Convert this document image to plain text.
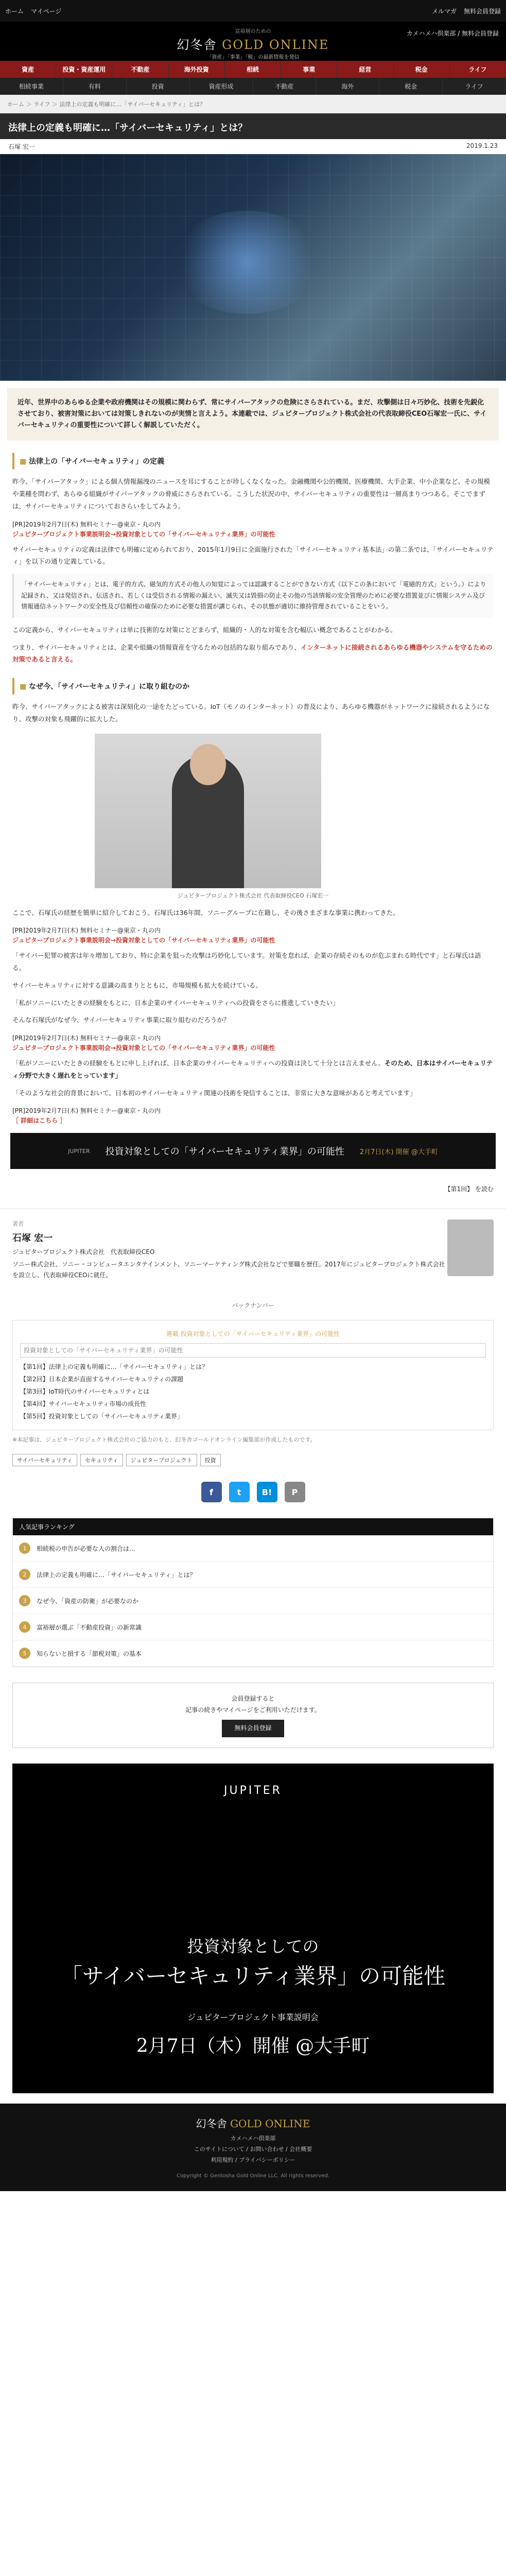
ホーム マイページ	メルマガ 無料会員登録
富裕層のための
幻冬舎 GOLD ONLINE
「資産」「事業」「税」の最新情報を発信
カメハメハ倶楽部 / 無料会員登録
資産	投資・資産運用	不動産	海外投資	相続	事業	経営	税金	ライフ
相続事業	有料	投資	資産形成	不動産	海外	税金	ライフ
ホーム ＞ ライフ ＞ 法律上の定義も明確に…「サイバーセキュリティ」とは？
法律上の定義も明確に…「サイバーセキュリティ」とは？
石塚 宏一	2019.1.23
近年、世界中のあらゆる企業や政府機関はその規模に関わらず、常にサイバーアタックの危険にさらされている。まだ、攻撃側は日々巧妙化、技術を先鋭化させており、被害対策においては対策しきれないのが実情と言えよう。本連載では、ジュピタープロジェクト株式会社の代表取締役CEO石塚宏一氏に、サイバーセキュリティの重要性について詳しく解説していただく。
■ 法律上の「サイバーセキュリティ」の定義

昨今、「サイバーアタック」による個人情報漏洩のニュースを耳にすることが珍しくなくなった。金融機関や公的機関、医療機関、大手企業、中小企業など、その規模や業種を問わず、あらゆる組織がサイバーアタックの脅威にさらされている。こうした状況の中、サイバーセキュリティの重要性は一層高まりつつある。そこでまずは、サイバーセキュリティについておさらいをしてみよう。

[PR]2019年2月7日(木) 無料セミナー@東京・丸の内

ジュピタープロジェクト事業説明会→投資対象としての「サイバーセキュリティ業界」の可能性

サイバーセキュリティの定義は法律でも明確に定められており、2015年1月9日に全面施行された「サイバーセキュリティ基本法」の第二条では、「サイバーセキュリティ」を以下の通り定義している。

「サイバーセキュリティ」とは、電子的方式、磁気的方式その他人の知覚によっては認識することができない方式（以下この条において「電磁的方式」という。）により記録され、又は発信され、伝送され、若しくは受信される情報の漏えい、滅失又は毀損の防止その他の当該情報の安全管理のために必要な措置並びに情報システム及び情報通信ネットワークの安全性及び信頼性の確保のために必要な措置が講じられ、その状態が適切に維持管理されていることをいう。

この定義から、サイバーセキュリティは単に技術的な対策にとどまらず、組織的・人的な対策を含む幅広い概念であることがわかる。

つまり、サイバーセキュリティとは、企業や組織の情報資産を守るための包括的な取り組みであり、インターネットに接続されるあらゆる機器やシステムを守るための対策であると言える。

■ なぜ今、「サイバーセキュリティ」に取り組むのか

昨今、サイバーアタックによる被害は深刻化の一途をたどっている。IoT（モノのインターネット）の普及により、あらゆる機器がネットワークに接続されるようになり、攻撃の対象も飛躍的に拡大した。

ジュピタープロジェクト株式会社 代表取締役CEO 石塚宏一

ここで、石塚氏の経歴を簡単に紹介しておこう。石塚氏は36年間、ソニーグループに在籍し、その後さまざまな事業に携わってきた。

[PR]2019年2月7日(木) 無料セミナー@東京・丸の内

ジュピタープロジェクト事業説明会→投資対象としての「サイバーセキュリティ業界」の可能性

「サイバー犯罪の被害は年々増加しており、特に企業を狙った攻撃は巧妙化しています。対策を怠れば、企業の存続そのものが危ぶまれる時代です」と石塚氏は語る。

サイバーセキュリティに対する意識の高まりとともに、市場規模も拡大を続けている。

「私がソニーにいたときの経験をもとに、日本企業のサイバーセキュリティへの投資をさらに推進していきたい」

そんな石塚氏がなぜ今、サイバーセキュリティ事業に取り組むのだろうか？

[PR]2019年2月7日(木) 無料セミナー@東京・丸の内

ジュピタープロジェクト事業説明会→投資対象としての「サイバーセキュリティ業界」の可能性

「私がソニーにいたときの経験をもとに申し上げれば、日本企業のサイバーセキュリティへの投資は決して十分とは言えません。そのため、日本はサイバーセキュリティ分野で大きく遅れをとっています」

「そのような社会的背景において、日本初のサイバーセキュリティ関連の技術を発信することは、非常に大きな意味があると考えています」

[PR]2019年2月7日(木) 無料セミナー@東京・丸の内

［ 詳細はこちら ］

JUPITER 投資対象としての「サイバーセキュリティ業界」の可能性 2月7日(木) 開催 @大手町
【第1回】 を読む
著者
石塚 宏一
ジュピタープロジェクト株式会社　代表取締役CEO
ソニー株式会社、ソニー・コンピュータエンタテインメント、ソニーマーケティング株式会社などで要職を歴任。2017年にジュピタープロジェクト株式会社を設立し、代表取締役CEOに就任。
バックナンバー
連載 投資対象としての「サイバーセキュリティ業界」の可能性
投資対象としての「サイバーセキュリティ業界」の可能性
【第1回】法律上の定義も明確に…「サイバーセキュリティ」とは？
【第2回】日本企業が直面するサイバーセキュリティの課題
【第3回】IoT時代のサイバーセキュリティとは
【第4回】サイバーセキュリティ市場の成長性
【第5回】投資対象としての「サイバーセキュリティ業界」
※本記事は、ジュピタープロジェクト株式会社のご協力のもと、幻冬舎ゴールドオンライン編集部が作成したものです。
サイバーセキュリティ	セキュリティ	ジュピタープロジェクト	投資
f	t	B!	P
人気記事ランキング
1	相続税の申告が必要な人の割合は…
2	法律上の定義も明確に…「サイバーセキュリティ」とは？
3	なぜ今、「資産の防衛」が必要なのか
4	富裕層が選ぶ「不動産投資」の新常識
5	知らないと損する「節税対策」の基本
会員登録すると
記事の続きやマイページをご利用いただけます。
無料会員登録
JUPITER
投資対象としての
「サイバーセキュリティ業界」の可能性
ジュピタープロジェクト事業説明会
2月7日（木）開催 @大手町
幻冬舎 GOLD ONLINE
カメハメハ倶楽部
このサイトについて / お問い合わせ / 会社概要
利用規約 / プライバシーポリシー
Copyright © Gentosha Gold Online LLC. All rights reserved.
